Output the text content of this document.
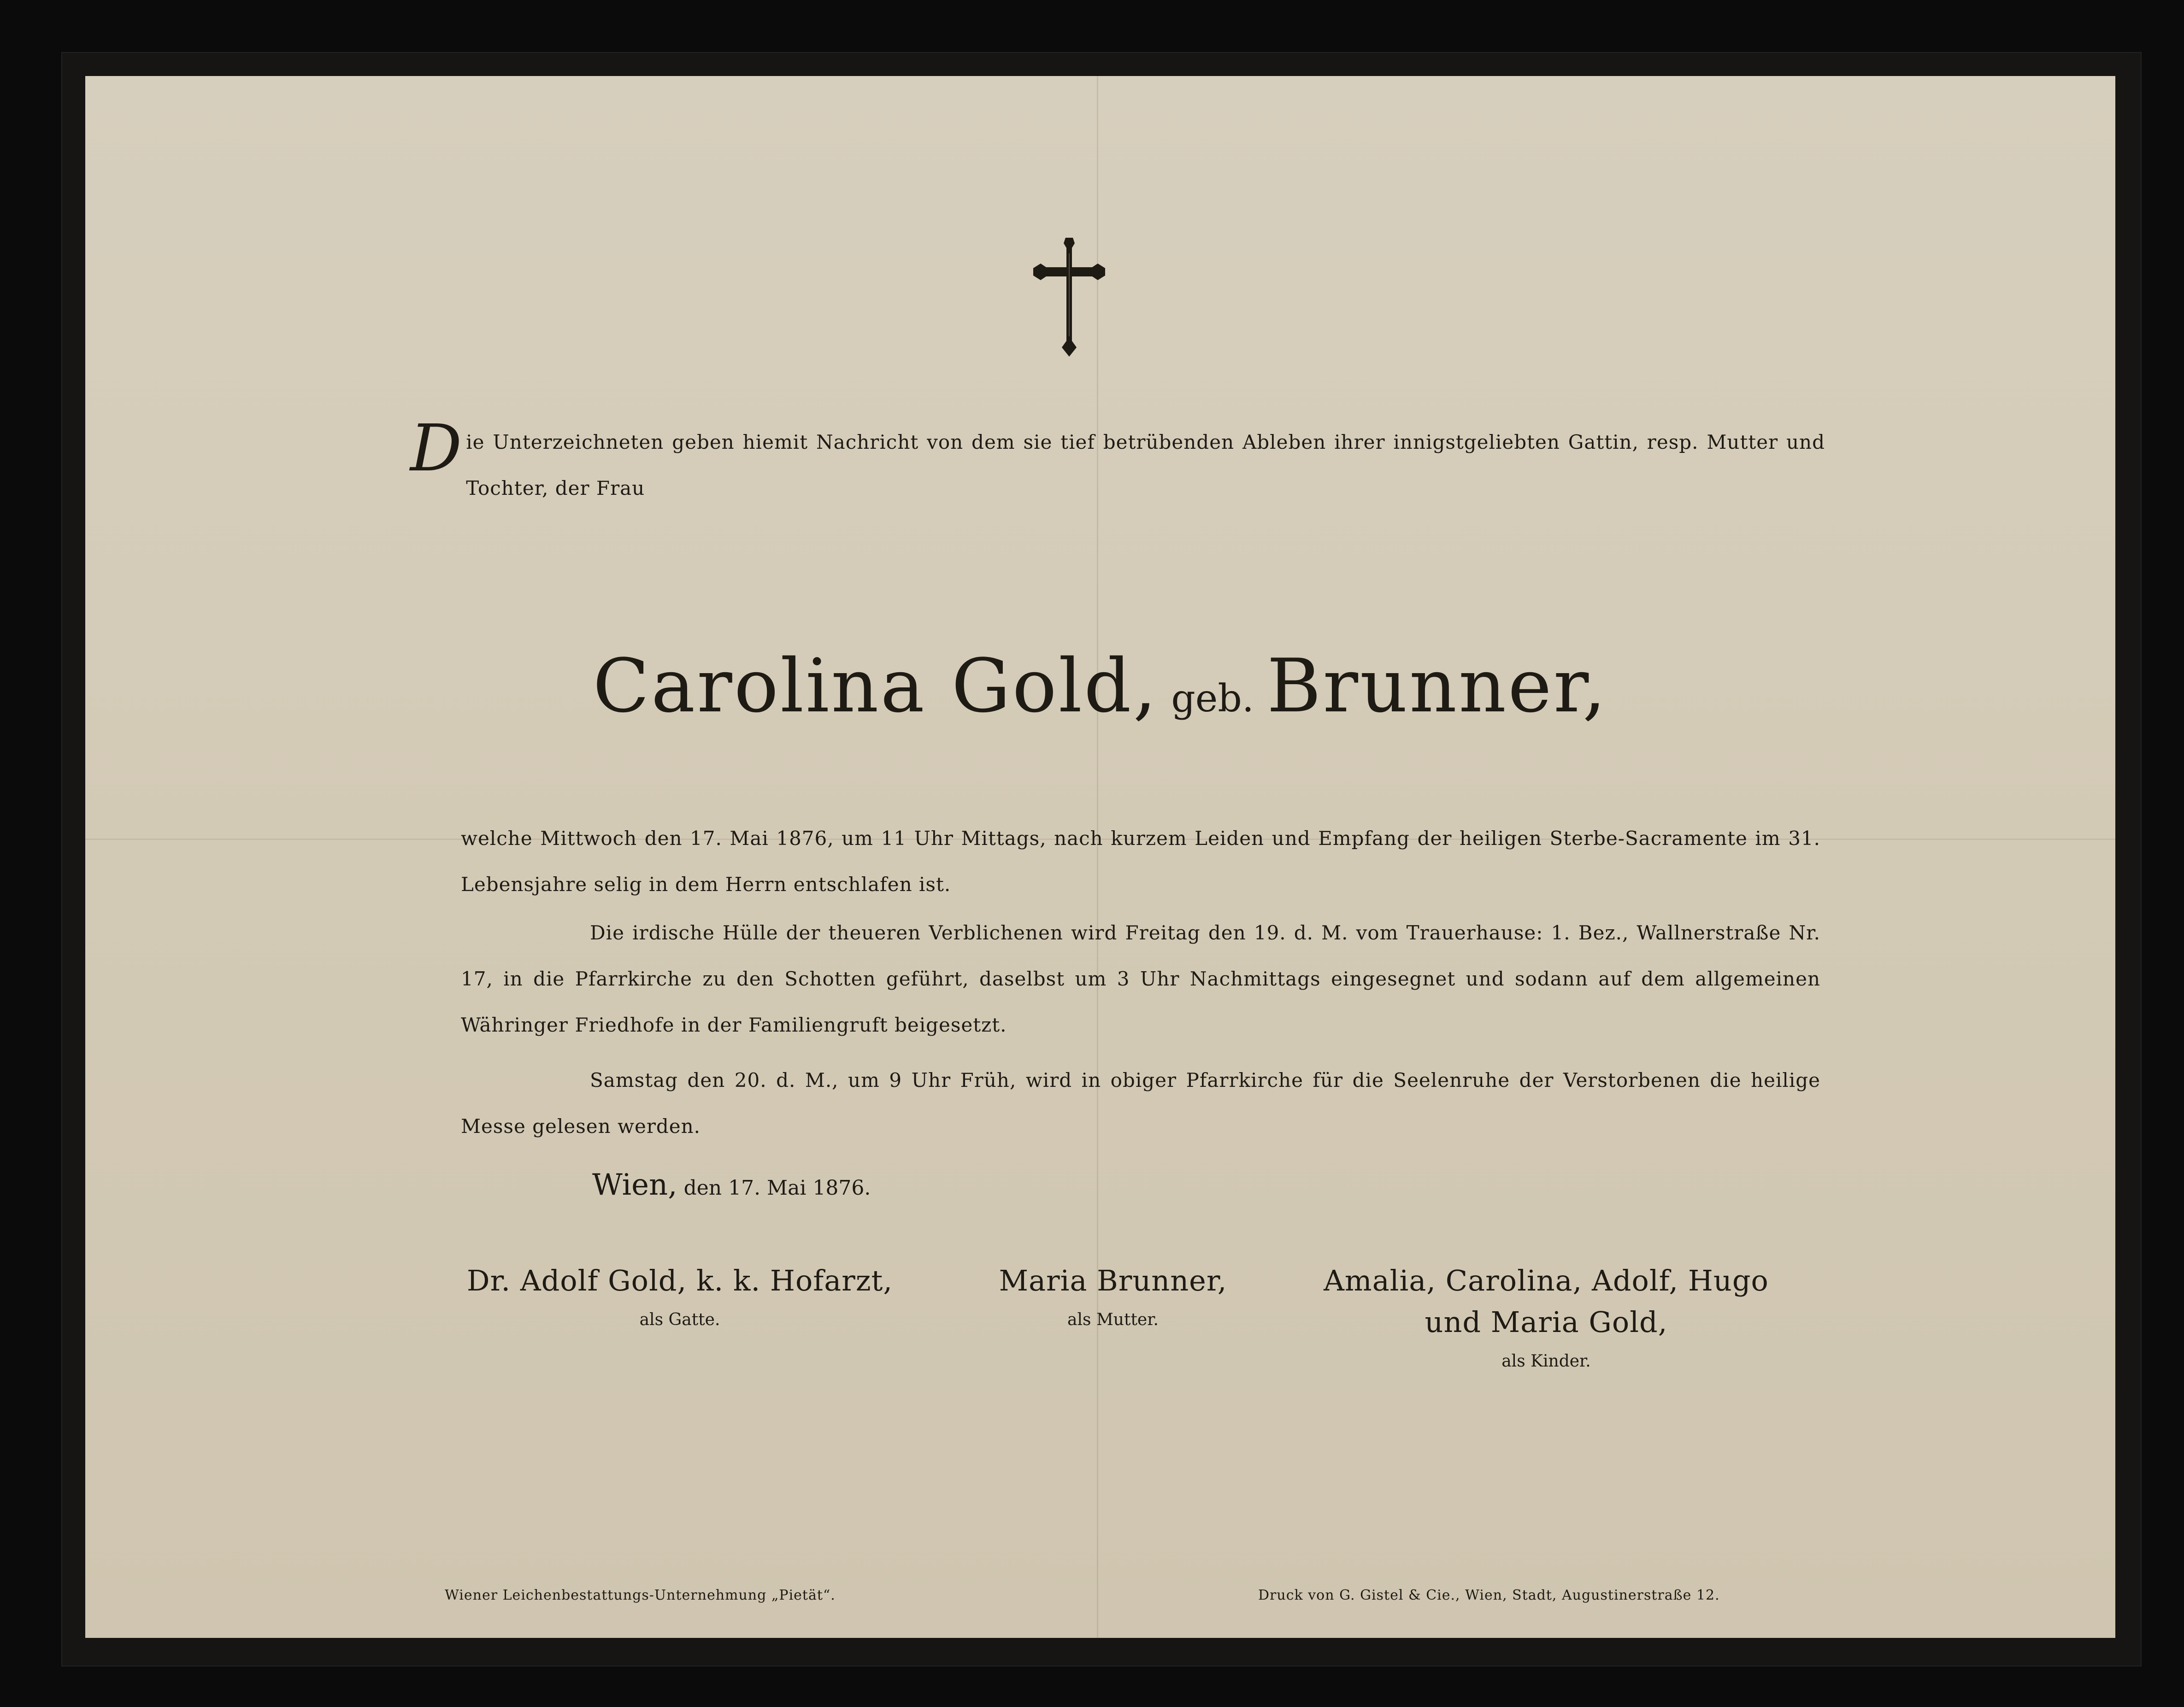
Die Unterzeichneten geben hiemit Nachricht von dem sie tief betrübenden Ableben ihrer innigstgeliebten Gattin, resp. Mutter und Tochter, der Frau
Carolina Gold, geb. Brunner,
welche Mittwoch den 17. Mai 1876, um 11 Uhr Mittags, nach kurzem Leiden und Empfang der heiligen Sterbe-Sacramente im 31. Lebensjahre selig in dem Herrn entschlafen ist.
Die irdische Hülle der theueren Verblichenen wird Freitag den 19. d. M. vom Trauerhause: 1. Bez., Wallnerstraße Nr. 17, in die Pfarrkirche zu den Schotten geführt, daselbst um 3 Uhr Nachmittags eingesegnet und sodann auf dem allgemeinen Währinger Friedhofe in der Familiengruft beigesetzt.
Samstag den 20. d. M., um 9 Uhr Früh, wird in obiger Pfarrkirche für die Seelenruhe der Verstorbenen die heilige Messe gelesen werden.
Wien, den 17. Mai 1876.
Dr. Adolf Gold, k. k. Hofarzt,
als Gatte.
Maria Brunner,
als Mutter.
Amalia, Carolina, Adolf, Hugo
und Maria Gold,
als Kinder.
Wiener Leichenbestattungs-Unternehmung „Pietät“.	Druck von G. Gistel & Cie., Wien, Stadt, Augustinerstraße 12.
